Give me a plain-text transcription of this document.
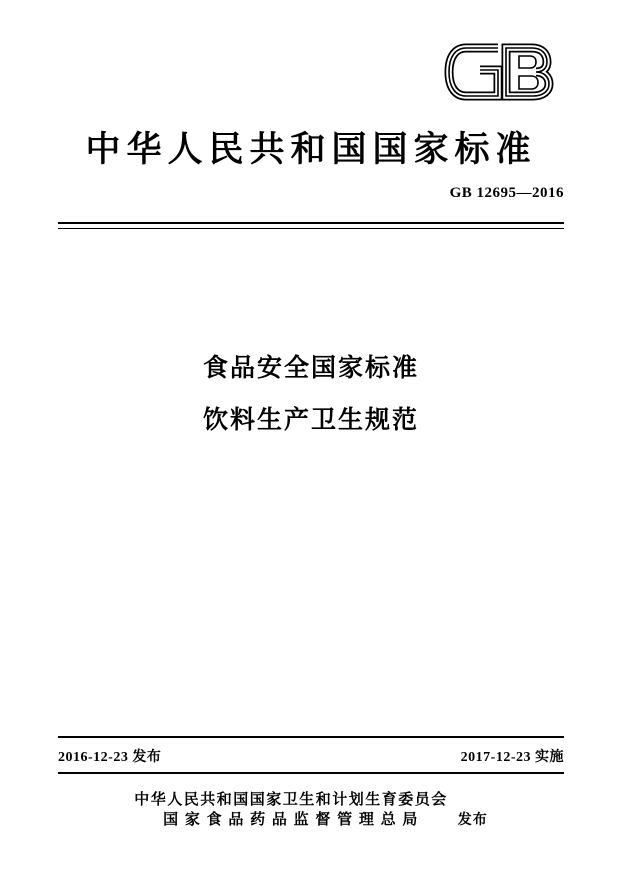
中华人民共和国国家标准
GB 12695—2016
食品安全国家标准
饮料生产卫生规范
2016-12-23 发布	2017-12-23 实施
中华人民共和国国家卫生和计划生育委员会
国 家 食 品 药 品 监 督 管 理 总 局	发布
